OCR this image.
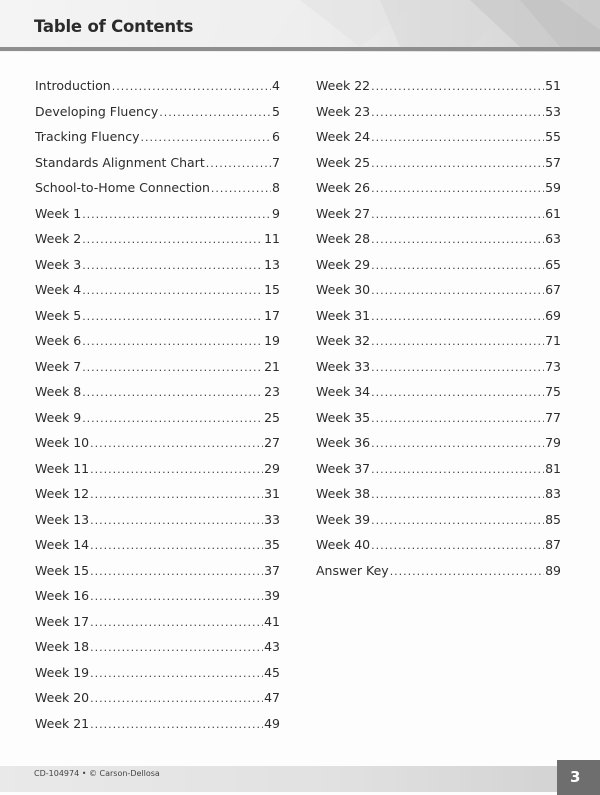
Table of Contents
Introduction .....	4
Developing Fluency .....	5
Tracking Fluency .....	6
Standards Alignment Chart .....	7
School-to-Home Connection .....	8
Week 1 .....	9
Week 2 .....	11
Week 3 .....	13
Week 4 .....	15
Week 5 .....	17
Week 6 .....	19
Week 7 .....	21
Week 8 .....	23
Week 9 .....	25
Week 10 .....	27
Week 11 .....	29
Week 12 .....	31
Week 13 .....	33
Week 14 .....	35
Week 15 .....	37
Week 16 .....	39
Week 17 .....	41
Week 18 .....	43
Week 19 .....	45
Week 20 .....	47
Week 21 .....	49
Week 22 .....	51
Week 23 .....	53
Week 24 .....	55
Week 25 .....	57
Week 26 .....	59
Week 27 .....	61
Week 28 .....	63
Week 29 .....	65
Week 30 .....	67
Week 31 .....	69
Week 32 .....	71
Week 33 .....	73
Week 34 .....	75
Week 35 .....	77
Week 36 .....	79
Week 37 .....	81
Week 38 .....	83
Week 39 .....	85
Week 40 .....	87
Answer Key .....	89
CD-104974 • © Carson-Dellosa	3
